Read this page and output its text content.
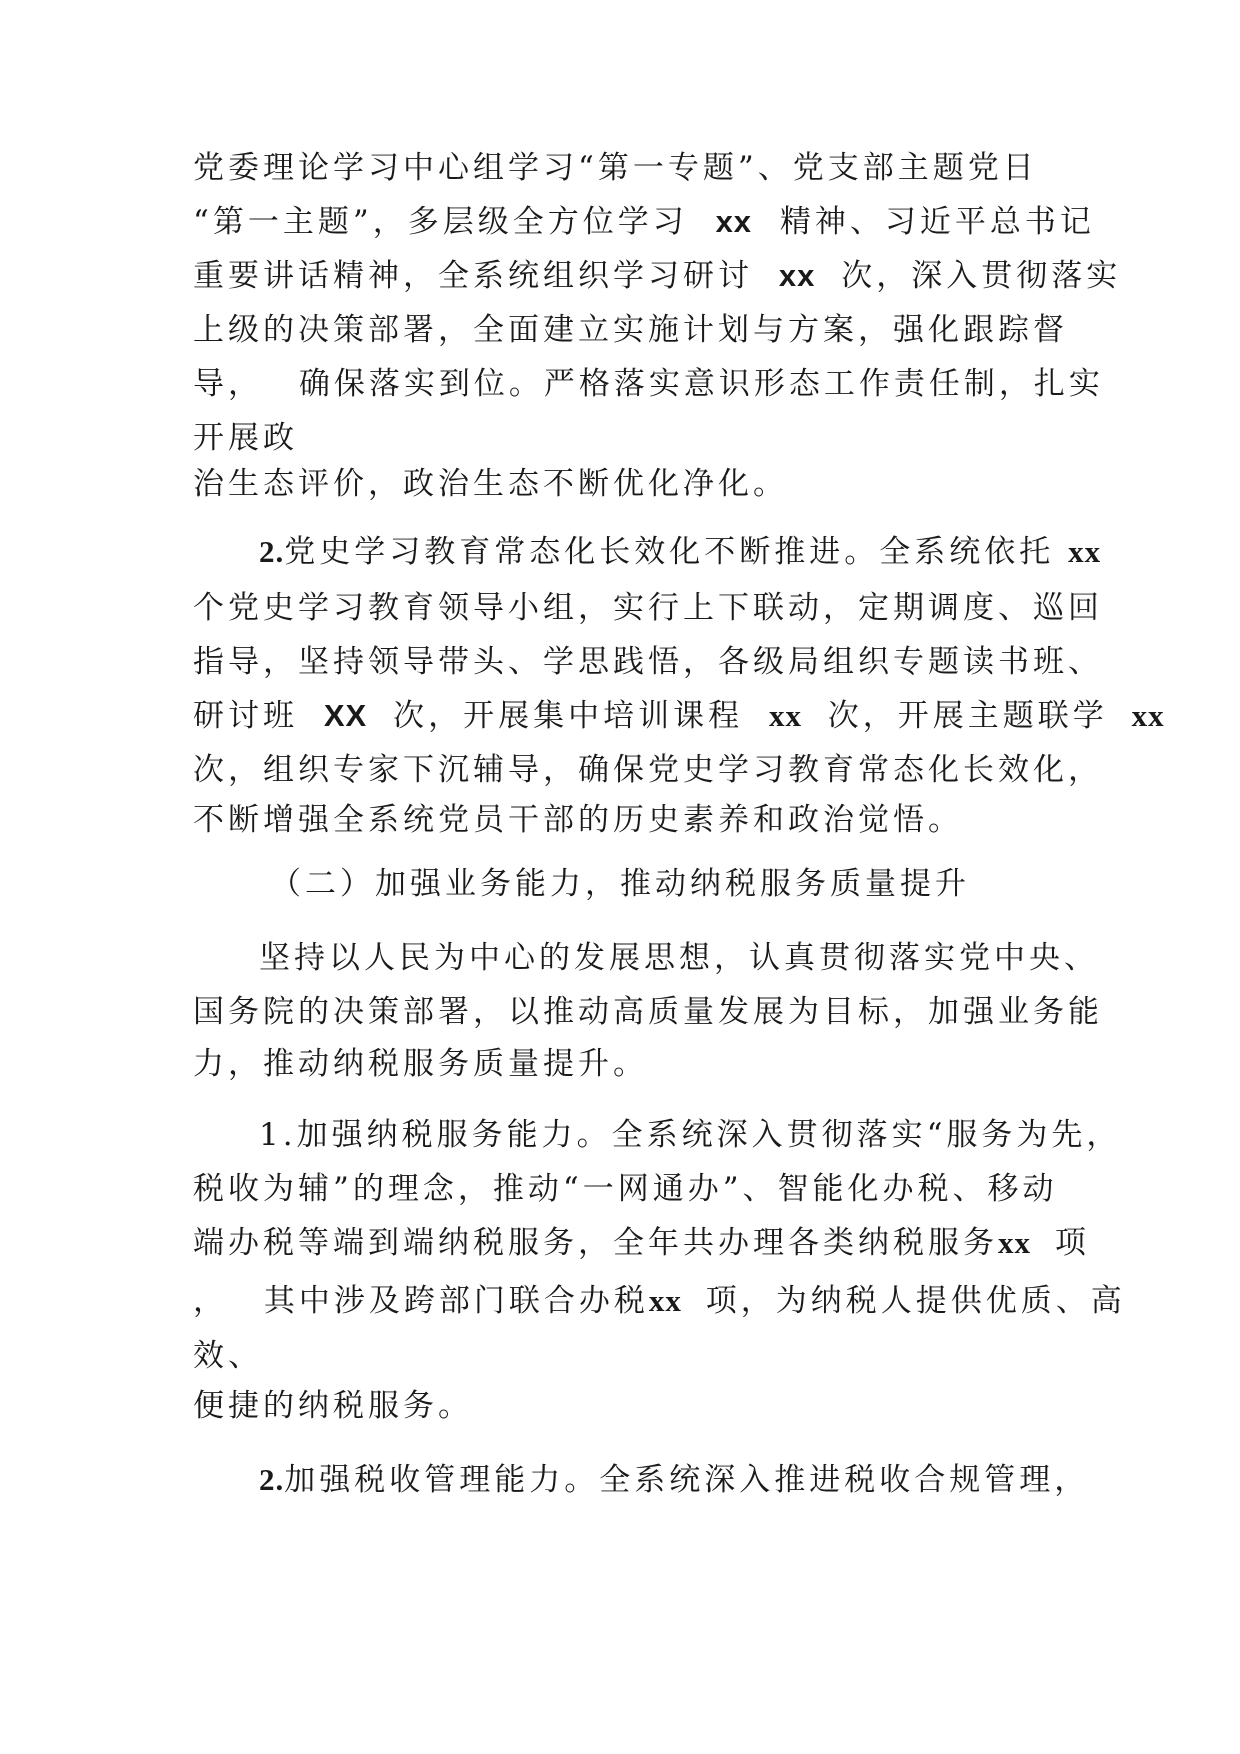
党委理论学习中心组学习“第一专题”、党支部主题党日
“第一主题”，多层级全方位学习 xx 精神、习近平总书记
重要讲话精神，全系统组织学习研讨 xx 次，深入贯彻落实
上级的决策部署，全面建立实施计划与方案，强化跟踪督
导， 确保落实到位。严格落实意识形态工作责任制，扎实
开展政
治生态评价，政治生态不断优化净化。
2.党史学习教育常态化长效化不断推进。全系统依托 xx
个党史学习教育领导小组，实行上下联动，定期调度、巡回
指导，坚持领导带头、学思践悟，各级局组织专题读书班、
研讨班 XX 次，开展集中培训课程 xx 次，开展主题联学 xx
次，组织专家下沉辅导，确保党史学习教育常态化长效化，
不断增强全系统党员干部的历史素养和政治觉悟。
（二）加强业务能力，推动纳税服务质量提升
坚持以人民为中心的发展思想，认真贯彻落实党中央、
国务院的决策部署，以推动高质量发展为目标，加强业务能
力，推动纳税服务质量提升。
1.加强纳税服务能力。全系统深入贯彻落实“服务为先，
税收为辅”的理念，推动“一网通办”、智能化办税、移动
端办税等端到端纳税服务，全年共办理各类纳税服务xx 项
， 其中涉及跨部门联合办税xx 项，为纳税人提供优质、高
效、
便捷的纳税服务。
2.加强税收管理能力。全系统深入推进税收合规管理，
